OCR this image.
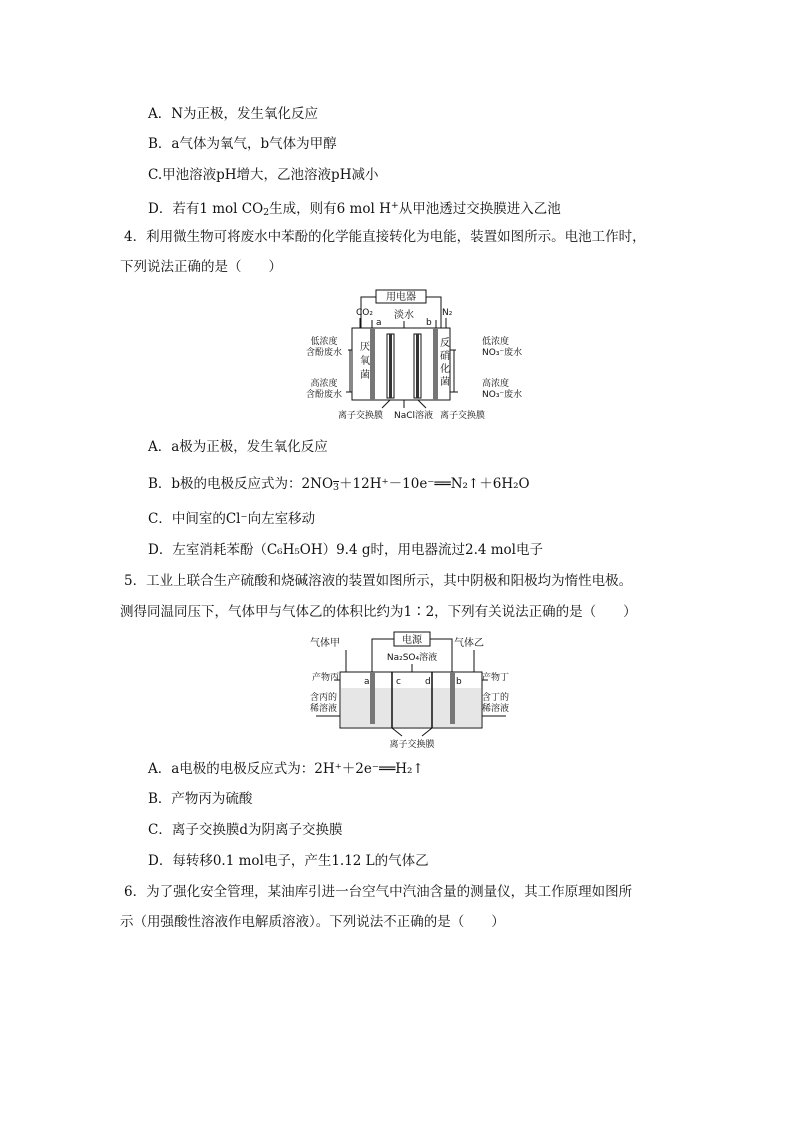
A．N为正极，发生氧化反应
B．a气体为氧气，b气体为甲醇
C.甲池溶液pH增大，乙池溶液pH减小
D．若有1 mol $CO_2$生成，则有6 mol H+从甲池透过交换膜进入乙池
4．利用微生物可将废水中苯酚的化学能直接转化为电能，装置如图所示。电池工作时，
下列说法正确的是（　　）
用电器
CO₂
a
淡水
b
N₂
低浓度
含酚废水
高浓度
含酚废水
厌
氧
菌
反
硝
化
菌
低浓度
NO₃⁻废水
高浓度
NO₃⁻废水
离子交换膜 NaCl溶液 离子交换膜
A．a极为正极，发生氧化反应
B．b极的电极反应式为：$2NO_3+12H^+-10e^-══N_2↑+6H_2O$
C．中间室的Cl⁻向左室移动
D．左室消耗苯酚（C₆H₅OH）9.4 g时，用电器流过2.4 mol电子
5．工业上联合生产硫酸和烧碱溶液的装置如图所示，其中阴极和阳极均为惰性电极。
测得同温同压下，气体甲与气体乙的体积比约为1∶2，下列有关说法正确的是（　　）
电源
气体甲	气体乙
Na₂SO₄溶液
a	c	d	b
产物丙	产物丁
含丙的
稀溶液
含丁的
稀溶液
离子交换膜
A．a电极的电极反应式为：2H⁺＋2e⁻══H₂↑
B．产物丙为硫酸
C．离子交换膜d为阴离子交换膜
D．每转移0.1 mol电子，产生1.12 L的气体乙
6．为了强化安全管理，某油库引进一台空气中汽油含量的测量仪，其工作原理如图所
示（用强酸性溶液作电解质溶液）。下列说法不正确的是（　　）
